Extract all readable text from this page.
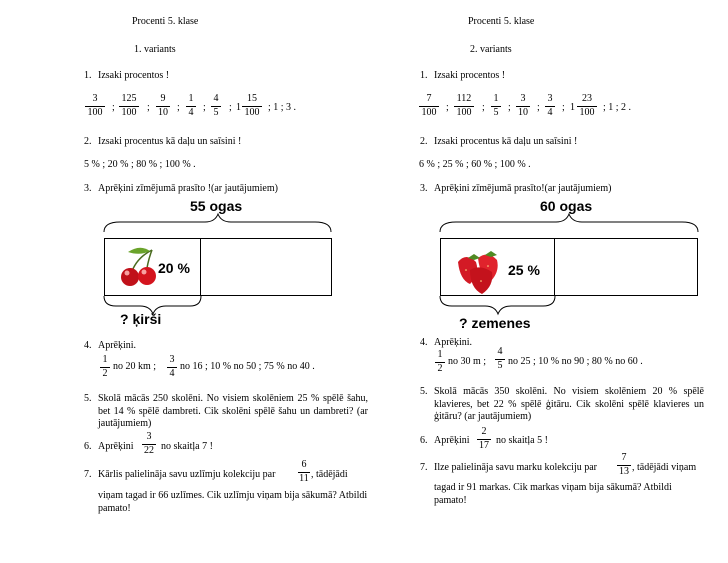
Procenti 5. klase
1. variants
1. Izsaki procentos !
$\frac{3}{100}$ ; $\frac{125}{100}$ ; $\frac{9}{10}$ ; $\frac{1}{4}$ ; $\frac{4}{5}$ ; $1 \frac{15}{100}$ ; 1 ; 3 .
2. Izsaki procentus kā daļu un saīsini !
5 % ; 20 % ; 80 % ; 100 % .
3. Aprēķini zīmējumā prasīto !(ar jautājumiem)
55 ogas
20 %
? ķirši
4. Aprēķini.
$\frac{1}{2}$ no 20 km ; $\frac{3}{4}$ no 16 ; 10 % no 50 ; 75 % no 40 .
5. Skolā mācās 250 skolēni. No visiem skolēniem 25 % spēlē šahu, bet 14 % spēlē dambreti. Cik skolēni spēlē šahu un dambreti? (ar jautājumiem)
6. Aprēķini $\frac{3}{22}$ no skaitļa 7 !
7. Kārlis palielināja savu uzlīmju kolekciju par $\frac{6}{11}$ , tādējādi
viņam tagad ir 66 uzlīmes. Cik uzlīmju viņam bija sākumā? Atbildi pamato!
Procenti 5. klase
2. variants
1. Izsaki procentos !
$\frac{7}{100}$ ; $\frac{112}{100}$ ; $\frac{1}{5}$ ; $\frac{3}{10}$ ; $\frac{3}{4}$ ; $1 \frac{23}{100}$ ; 1 ; 2 .
2. Izsaki procentus kā daļu un saīsini !
6 % ; 25 % ; 60 % ; 100 % .
3. Aprēķini zīmējumā prasīto!(ar jautājumiem)
60 ogas
25 %
? zemenes
4. Aprēķini.
$\frac{1}{2}$ no 30 m ; $\frac{4}{5}$ no 25 ; 10 % no 90 ; 80 % no 60 .
5. Skolā mācās 350 skolēni. No visiem skolēniem 20 % spēlē klavieres, bet 22 % spēlē ģitāru. Cik skolēni spēlē klavieres un ģitāru? (ar jautājumiem)
6. Aprēķini $\frac{2}{17}$ no skaitļa 5 !
7. Ilze palielināja savu marku kolekciju par $\frac{7}{13}$ , tādējādi viņam
tagad ir 91 markas. Cik markas viņam bija sākumā? Atbildi pamato!
